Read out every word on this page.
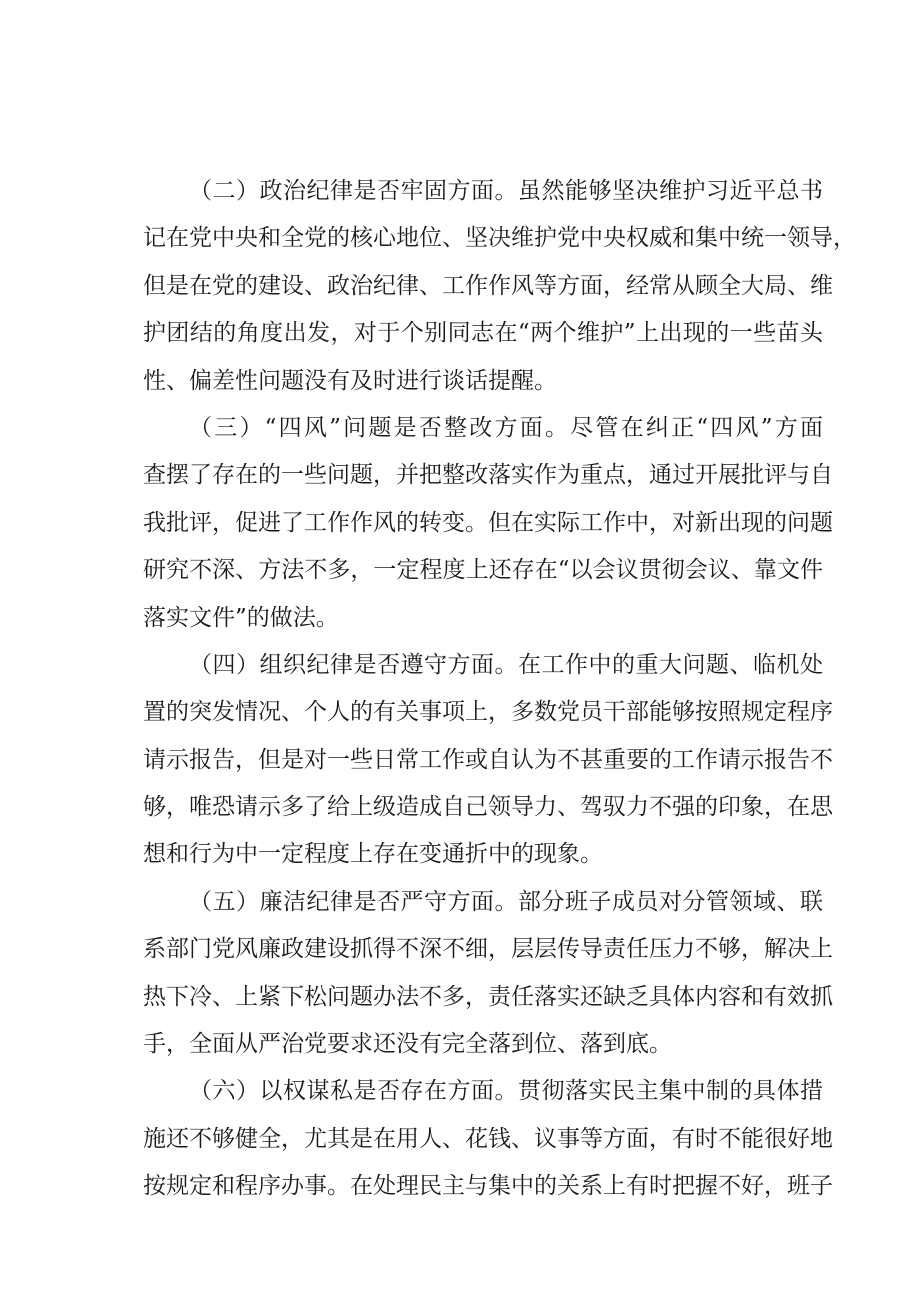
（二）政治纪律是否牢固方面。虽然能够坚决维护习近平总书
记在党中央和全党的核心地位、坚决维护党中央权威和集中统一领导，
但是在党的建设、政治纪律、工作作风等方面，经常从顾全大局、维
护团结的角度出发，对于个别同志在“两个维护”上出现的一些苗头
性、偏差性问题没有及时进行谈话提醒。
（三）“四风”问题是否整改方面。尽管在纠正“四风”方面
查摆了存在的一些问题，并把整改落实作为重点，通过开展批评与自
我批评，促进了工作作风的转变。但在实际工作中，对新出现的问题
研究不深、方法不多，一定程度上还存在“以会议贯彻会议、靠文件
落实文件”的做法。
（四）组织纪律是否遵守方面。在工作中的重大问题、临机处
置的突发情况、个人的有关事项上，多数党员干部能够按照规定程序
请示报告，但是对一些日常工作或自认为不甚重要的工作请示报告不
够，唯恐请示多了给上级造成自己领导力、驾驭力不强的印象，在思
想和行为中一定程度上存在变通折中的现象。
（五）廉洁纪律是否严守方面。部分班子成员对分管领域、联
系部门党风廉政建设抓得不深不细，层层传导责任压力不够，解决上
热下冷、上紧下松问题办法不多，责任落实还缺乏具体内容和有效抓
手，全面从严治党要求还没有完全落到位、落到底。
（六）以权谋私是否存在方面。贯彻落实民主集中制的具体措
施还不够健全，尤其是在用人、花钱、议事等方面，有时不能很好地
按规定和程序办事。在处理民主与集中的关系上有时把握不好，班子
